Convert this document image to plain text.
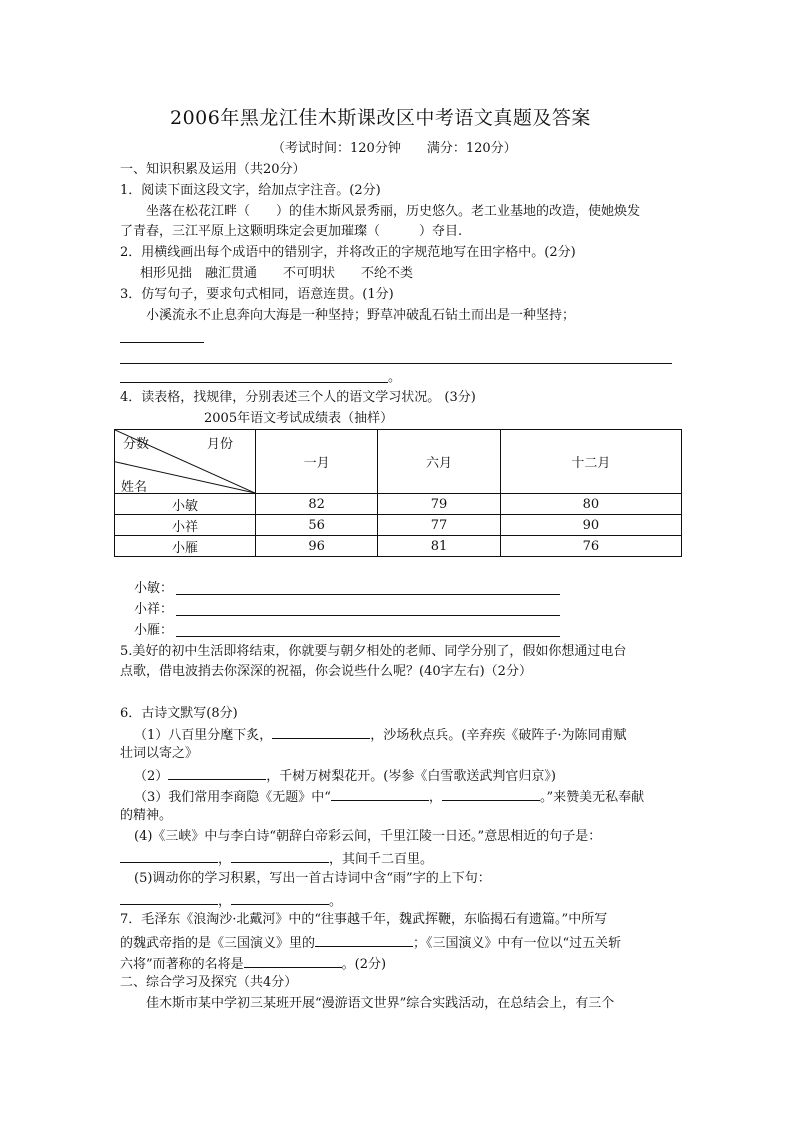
2006年黑龙江佳木斯课改区中考语文真题及答案
（考试时间：120分钟　　满分：120分）
一、知识积累及运用（共20分）
1．阅读下面这段文字，给加点字注音。(2分)
坐落在松花江畔（　　）的佳木斯风景秀丽，历史悠久。老工业基地的改造，使她焕发
了青春，三江平原上这颗明珠定会更加璀璨（　　　）夺目.
2．用横线画出每个成语中的错别字，并将改正的字规范地写在田字格中。(2分)
相形见拙　融汇贯通　　不可明状　　不纶不类
3．仿写句子，要求句式相同，语意连贯。(1分)
小溪流永不止息奔向大海是一种坚持；野草冲破乱石钻土而出是一种坚持；
。
4．读表格，找规律，分别表述三个人的语文学习状况。 (3分)
2005年语文考试成绩表（抽样）
分数 月份
姓名	一月	六月	十二月
小敏	82	79	80
小祥	56	77	90
小雁	96	81	76
小敏：
小祥：
小雁：
5.美好的初中生活即将结束，你就要与朝夕相处的老师、同学分别了，假如你想通过电台
点歌，借电波捎去你深深的祝福，你会说些什么呢？(40字左右)（2分）
6．古诗文默写(8分)
（1）八百里分麾下炙，	，沙场秋点兵。(辛弃疾《破阵子·为陈同甫赋
壮词以寄之》
（2）	，千树万树梨花开。(岑参《白雪歌送武判官归京》)
（3）我们常用李商隐《无题》中“	，	。”来赞美无私奉献
的精神。
(4)《三峡》中与李白诗“朝辞白帝彩云间，千里江陵一日还。”意思相近的句子是：
，	，其间千二百里。
(5)调动你的学习积累，写出一首古诗词中含“雨”字的上下句：
，	。
7．毛泽东《浪淘沙·北戴河》中的“往事越千年，魏武挥鞭，东临揭石有遗篇。”中所写
的魏武帝指的是《三国演义》里的	；《三国演义》中有一位以“过五关斩
六将”而著称的名将是	。(2分)
二、综合学习及探究（共4分）
佳木斯市某中学初三某班开展“漫游语文世界”综合实践活动，在总结会上，有三个
